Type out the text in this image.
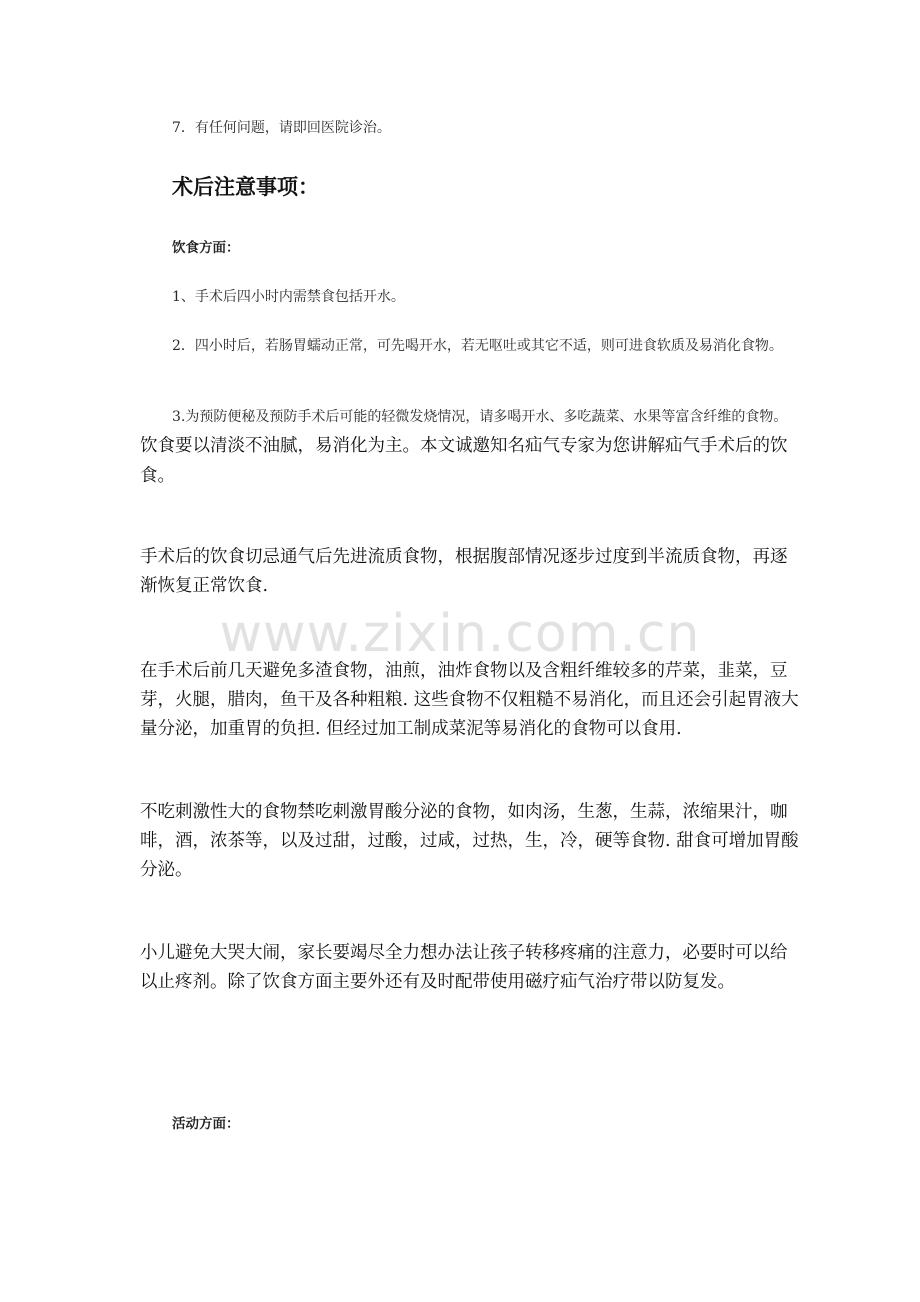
7．有任何问题，请即回医院诊治。

术后注意事项：
饮食方面：

1、手术后四小时内需禁食包括开水。

2．四小时后，若肠胃蠕动正常，可先喝开水，若无呕吐或其它不适，则可进食软质及易消化食物。

3.为预防便秘及预防手术后可能的轻微发烧情况，请多喝开水、多吃蔬菜、水果等富含纤维的食物。饮食要以清淡不油腻，易消化为主。本文诚邀知名疝气专家为您讲解疝气手术后的饮食。

手术后的饮食切忌通气后先进流质食物，根据腹部情况逐步过度到半流质食物，再逐渐恢复正常饮食.

在手术后前几天避免多渣食物，油煎，油炸食物以及含粗纤维较多的芹菜，韭菜，豆芽，火腿，腊肉，鱼干及各种粗粮. 这些食物不仅粗糙不易消化，而且还会引起胃液大量分泌，加重胃的负担. 但经过加工制成菜泥等易消化的食物可以食用.

不吃刺激性大的食物禁吃刺激胃酸分泌的食物，如肉汤，生葱，生蒜，浓缩果汁，咖啡，酒，浓茶等，以及过甜，过酸，过咸，过热，生，冷，硬等食物. 甜食可增加胃酸分泌。

小儿避免大哭大闹，家长要竭尽全力想办法让孩子转移疼痛的注意力，必要时可以给以止疼剂。除了饮食方面主要外还有及时配带使用磁疗疝气治疗带以防复发。

活动方面：
www.zixin.com.cn
